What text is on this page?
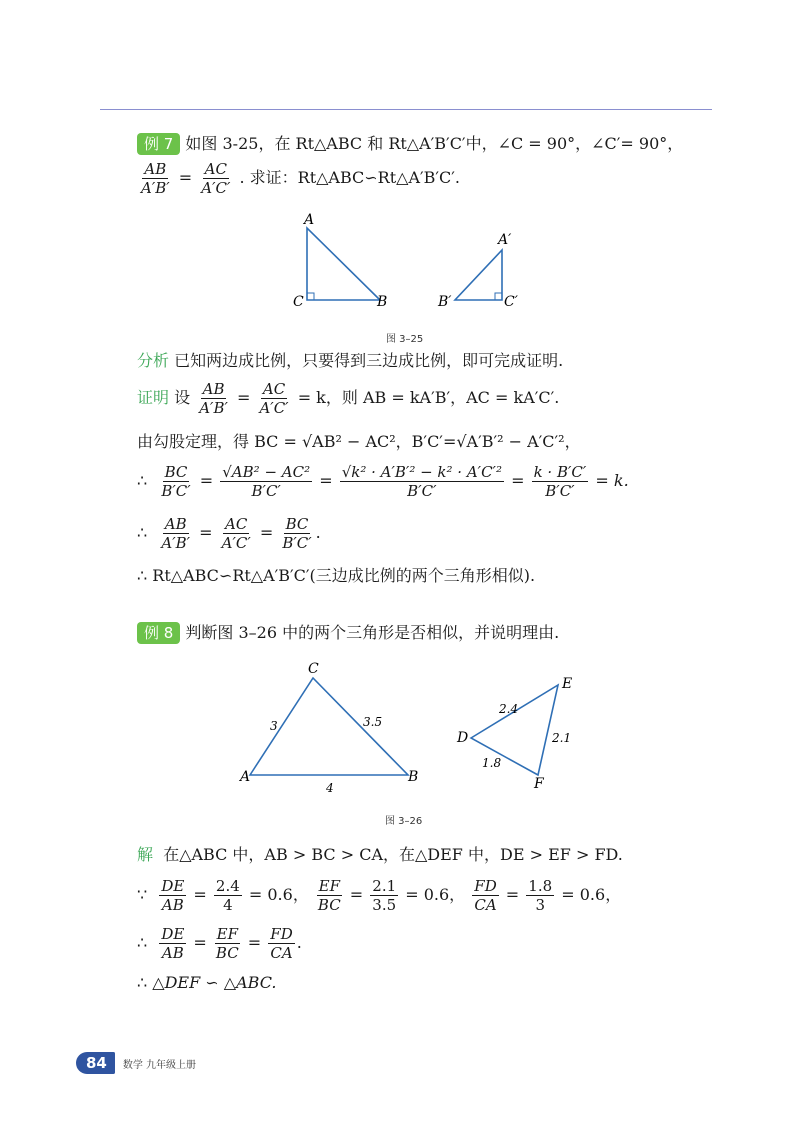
例 7 如图 3-25，在 Rt△ABC 和 Rt△A′B′C′中，∠C = 90°，∠C′= 90°，
$\frac{AB}{A'B'} = \frac{AC}{A'C'}$ . 求证：Rt△ABC∽Rt△A′B′C′.
A
C	B
A′
B′	C′
图 3–25
分析 已知两边成比例，只要得到三边成比例，即可完成证明.
证明 设 $\frac{AB}{A'B'} = \frac{AC}{A'C'} = k$，则 AB = kA′B′，AC = kA′C′.
由勾股定理，得 BC = √AB² − AC²，B′C′=√A′B′² − A′C′²，
∴ $\frac{BC}{B'C'} = \frac{\text{√AB² − AC²}}{B'C'} = \frac{\text{√k² · A′B′² − k² · A′C′²}}{B'C'} = \frac{k \cdot B'C'}{B'C'} = k$.
∴ $\frac{AB}{A'B'} = \frac{AC}{A'C'} = \frac{BC}{B'C'}$ .
∴ Rt△ABC∽Rt△A′B′C′(三边成比例的两个三角形相似).
例 8 判断图 3–26 中的两个三角形是否相似，并说明理由.
A
C
B
3	3.5
4
D
E
F
2.4
2.1
1.8
图 3–26
解 在△ABC 中，AB > BC > CA，在△DEF 中，DE > EF > FD.
∵ $\frac{DE}{AB} = \frac{2.4}{4} = 0.6$， $\frac{EF}{BC} = \frac{2.1}{3.5} = 0.6$， $\frac{FD}{CA} = \frac{1.8}{3} = 0.6$，
∴ $\frac{DE}{AB} = \frac{EF}{BC} = \frac{FD}{CA}$ .
∴ △DEF ∽ △ABC.
84	数学 九年级上册
